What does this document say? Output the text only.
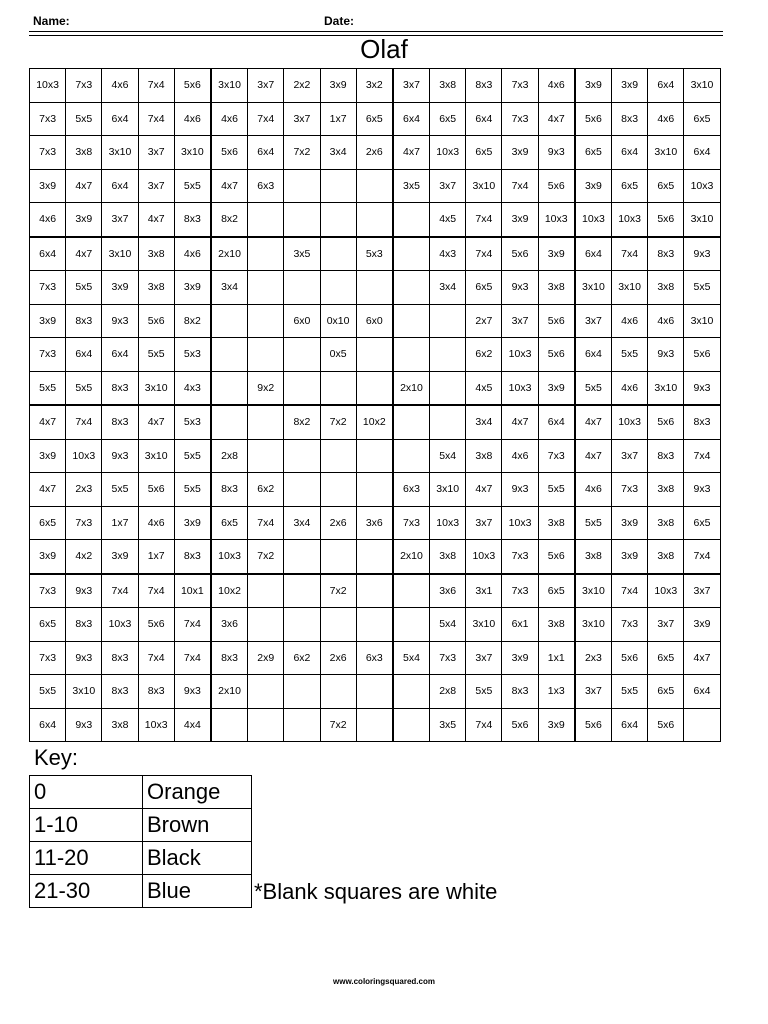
Name:	Date:
Olaf
10x3	7x3	4x6	7x4	5x6	3x10	3x7	2x2	3x9	3x2	3x7	3x8	8x3	7x3	4x6	3x9	3x9	6x4	3x10
7x3	5x5	6x4	7x4	4x6	4x6	7x4	3x7	1x7	6x5	6x4	6x5	6x4	7x3	4x7	5x6	8x3	4x6	6x5
7x3	3x8	3x10	3x7	3x10	5x6	6x4	7x2	3x4	2x6	4x7	10x3	6x5	3x9	9x3	6x5	6x4	3x10	6x4
3x9	4x7	6x4	3x7	5x5	4x7	6x3				3x5	3x7	3x10	7x4	5x6	3x9	6x5	6x5	10x3
4x6	3x9	3x7	4x7	8x3	8x2						4x5	7x4	3x9	10x3	10x3	10x3	5x6	3x10
6x4	4x7	3x10	3x8	4x6	2x10		3x5		5x3		4x3	7x4	5x6	3x9	6x4	7x4	8x3	9x3
7x3	5x5	3x9	3x8	3x9	3x4						3x4	6x5	9x3	3x8	3x10	3x10	3x8	5x5
3x9	8x3	9x3	5x6	8x2			6x0	0x10	6x0			2x7	3x7	5x6	3x7	4x6	4x6	3x10
7x3	6x4	6x4	5x5	5x3				0x5				6x2	10x3	5x6	6x4	5x5	9x3	5x6
5x5	5x5	8x3	3x10	4x3		9x2				2x10		4x5	10x3	3x9	5x5	4x6	3x10	9x3
4x7	7x4	8x3	4x7	5x3			8x2	7x2	10x2			3x4	4x7	6x4	4x7	10x3	5x6	8x3
3x9	10x3	9x3	3x10	5x5	2x8						5x4	3x8	4x6	7x3	4x7	3x7	8x3	7x4
4x7	2x3	5x5	5x6	5x5	8x3	6x2				6x3	3x10	4x7	9x3	5x5	4x6	7x3	3x8	9x3
6x5	7x3	1x7	4x6	3x9	6x5	7x4	3x4	2x6	3x6	7x3	10x3	3x7	10x3	3x8	5x5	3x9	3x8	6x5
3x9	4x2	3x9	1x7	8x3	10x3	7x2				2x10	3x8	10x3	7x3	5x6	3x8	3x9	3x8	7x4
7x3	9x3	7x4	7x4	10x1	10x2			7x2			3x6	3x1	7x3	6x5	3x10	7x4	10x3	3x7
6x5	8x3	10x3	5x6	7x4	3x6						5x4	3x10	6x1	3x8	3x10	7x3	3x7	3x9
7x3	9x3	8x3	7x4	7x4	8x3	2x9	6x2	2x6	6x3	5x4	7x3	3x7	3x9	1x1	2x3	5x6	6x5	4x7
5x5	3x10	8x3	8x3	9x3	2x10						2x8	5x5	8x3	1x3	3x7	5x5	6x5	6x4
6x4	9x3	3x8	10x3	4x4				7x2			3x5	7x4	5x6	3x9	5x6	6x4	5x6	
Key:
0	Orange
1-10	Brown
11-20	Black
21-30	Blue	*Blank squares are white
www.coloringsquared.com
